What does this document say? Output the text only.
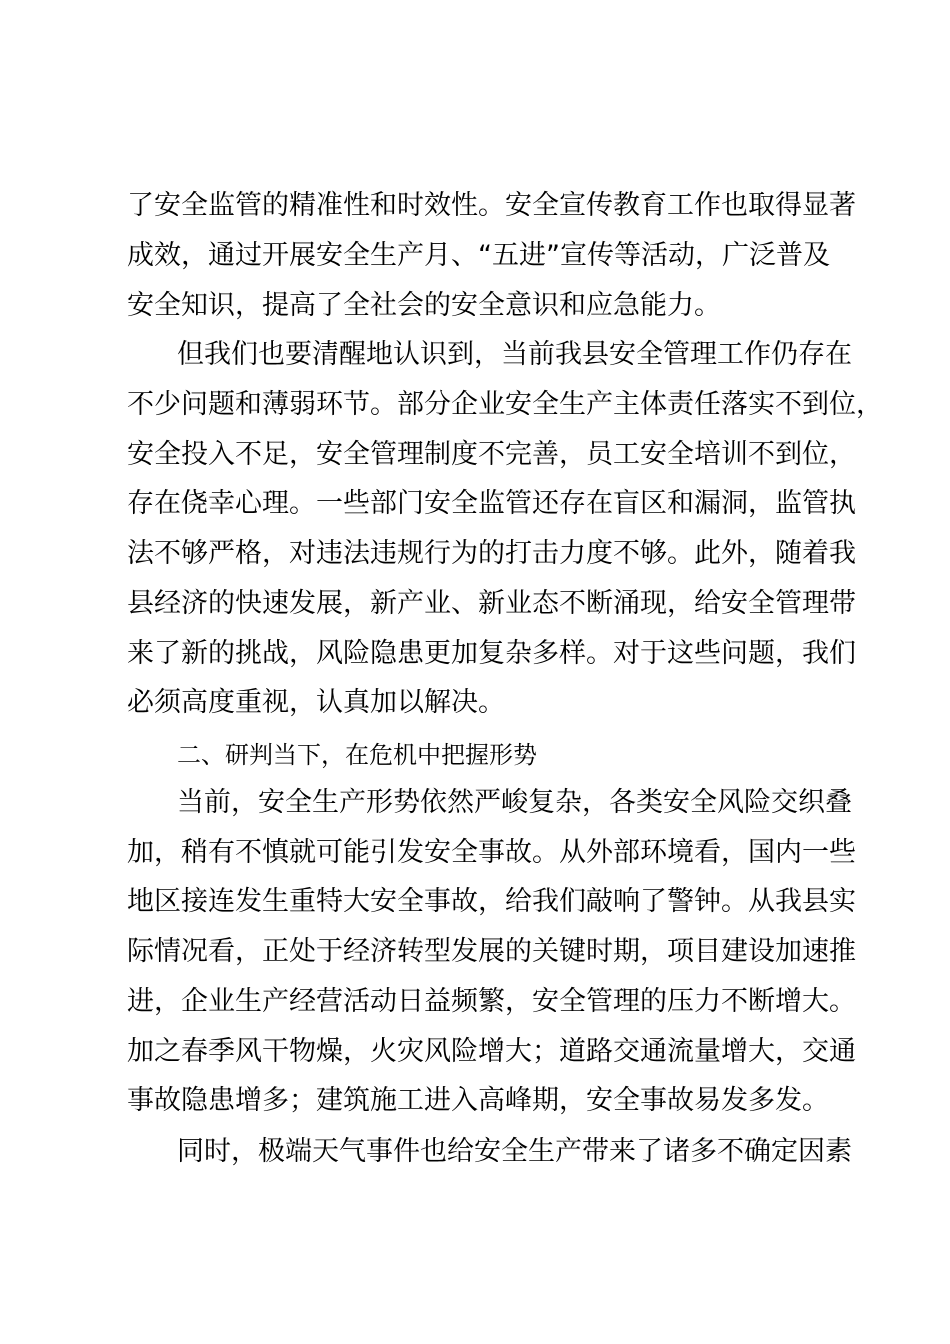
了安全监管的精准性和时效性。安全宣传教育工作也取得显著
成效，通过开展安全生产月、“五进”宣传等活动，广泛普及
安全知识，提高了全社会的安全意识和应急能力。
但我们也要清醒地认识到，当前我县安全管理工作仍存在
不少问题和薄弱环节。部分企业安全生产主体责任落实不到位，
安全投入不足，安全管理制度不完善，员工安全培训不到位，
存在侥幸心理。一些部门安全监管还存在盲区和漏洞，监管执
法不够严格，对违法违规行为的打击力度不够。此外，随着我
县经济的快速发展，新产业、新业态不断涌现，给安全管理带
来了新的挑战，风险隐患更加复杂多样。对于这些问题，我们
必须高度重视，认真加以解决。
二、研判当下，在危机中把握形势
当前，安全生产形势依然严峻复杂，各类安全风险交织叠
加，稍有不慎就可能引发安全事故。从外部环境看，国内一些
地区接连发生重特大安全事故，给我们敲响了警钟。从我县实
际情况看，正处于经济转型发展的关键时期，项目建设加速推
进，企业生产经营活动日益频繁，安全管理的压力不断增大。
加之春季风干物燥，火灾风险增大；道路交通流量增大，交通
事故隐患增多；建筑施工进入高峰期，安全事故易发多发。
同时，极端天气事件也给安全生产带来了诸多不确定因素
